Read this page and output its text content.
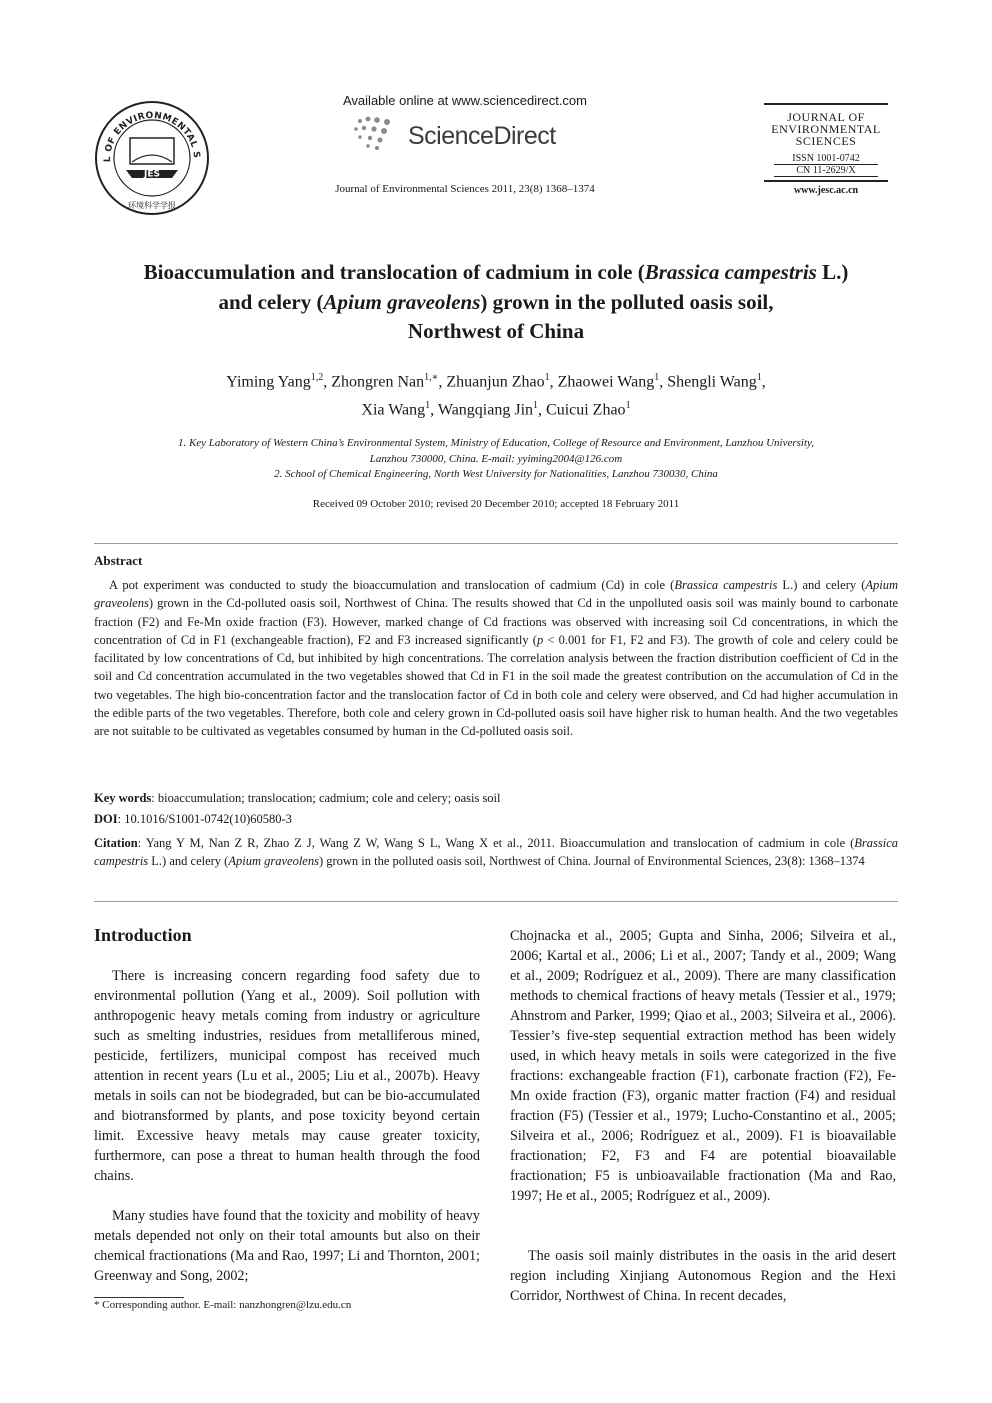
L OF ENVIRONMENTAL S
JES
环境科学学报
Available online at www.sciencedirect.com
ScienceDirect
Journal of Environmental Sciences 2011, 23(8) 1368–1374
JOURNAL OF ENVIRONMENTAL SCIENCES
ISSN 1001-0742
CN 11-2629/X
www.jesc.ac.cn
Bioaccumulation and translocation of cadmium in cole (Brassica campestris L.)
and celery (Apium graveolens) grown in the polluted oasis soil,
Northwest of China
Yiming Yang$^{1,2}$, Zhongren Nan$^{1,∗}$, Zhuanjun Zhao$^1$, Zhaowei Wang$^1$, Shengli Wang$^1$,
Xia Wang$^1$, Wangqiang Jin$^1$, Cuicui Zhao$^1$
1. Key Laboratory of Western China’s Environmental System, Ministry of Education, College of Resource and Environment, Lanzhou University,
Lanzhou 730000, China. E-mail: yyiming2004@126.com
2. School of Chemical Engineering, North West University for Nationalities, Lanzhou 730030, China
Received 09 October 2010; revised 20 December 2010; accepted 18 February 2011
Abstract

A pot experiment was conducted to study the bioaccumulation and translocation of cadmium (Cd) in cole (Brassica campestris L.) and celery (Apium graveolens) grown in the Cd-polluted oasis soil, Northwest of China. The results showed that Cd in the unpolluted oasis soil was mainly bound to carbonate fraction (F2) and Fe-Mn oxide fraction (F3). However, marked change of Cd fractions was observed with increasing soil Cd concentrations, in which the concentration of Cd in F1 (exchangeable fraction), F2 and F3 increased significantly (p < 0.001 for F1, F2 and F3). The growth of cole and celery could be facilitated by low concentrations of Cd, but inhibited by high concentrations. The correlation analysis between the fraction distribution coefficient of Cd in the soil and Cd concentration accumulated in the two vegetables showed that Cd in F1 in the soil made the greatest contribution on the accumulation of Cd in the two vegetables. The high bio-concentration factor and the translocation factor of Cd in both cole and celery were observed, and Cd had higher accumulation in the edible parts of the two vegetables. Therefore, both cole and celery grown in Cd-polluted oasis soil have higher risk to human health. And the two vegetables are not suitable to be cultivated as vegetables consumed by human in the Cd-polluted oasis soil.

Key words: bioaccumulation; translocation; cadmium; cole and celery; oasis soil
DOI: 10.1016/S1001-0742(10)60580-3
Citation: Yang Y M, Nan Z R, Zhao Z J, Wang Z W, Wang S L, Wang X et al., 2011. Bioaccumulation and translocation of cadmium in cole (Brassica campestris L.) and celery (Apium graveolens) grown in the polluted oasis soil, Northwest of China. Journal of Environmental Sciences, 23(8): 1368–1374
Introduction

There is increasing concern regarding food safety due to environmental pollution (Yang et al., 2009). Soil pollution with anthropogenic heavy metals coming from industry or agriculture such as smelting industries, residues from metalliferous mined, pesticide, fertilizers, municipal compost has received much attention in recent years (Lu et al., 2005; Liu et al., 2007b). Heavy metals in soils can not be biodegraded, but can be bio-accumulated and biotransformed by plants, and pose toxicity beyond certain limit. Excessive heavy metals may cause greater toxicity, furthermore, can pose a threat to human health through the food chains.

Many studies have found that the toxicity and mobility of heavy metals depended not only on their total amounts but also on their chemical fractionations (Ma and Rao, 1997; Li and Thornton, 2001; Greenway and Song, 2002;

Chojnacka et al., 2005; Gupta and Sinha, 2006; Silveira et al., 2006; Kartal et al., 2006; Li et al., 2007; Tandy et al., 2009; Wang et al., 2009; Rodríguez et al., 2009). There are many classification methods to chemical fractions of heavy metals (Tessier et al., 1979; Ahnstrom and Parker, 1999; Qiao et al., 2003; Silveira et al., 2006). Tessier’s five-step sequential extraction method has been widely used, in which heavy metals in soils were categorized in the five fractions: exchangeable fraction (F1), carbonate fraction (F2), Fe-Mn oxide fraction (F3), organic matter fraction (F4) and residual fraction (F5) (Tessier et al., 1979; Lucho-Constantino et al., 2005; Silveira et al., 2006; Rodríguez et al., 2009). F1 is bioavailable fractionation; F2, F3 and F4 are potential bioavailable fractionation; F5 is unbioavailable fractionation (Ma and Rao, 1997; He et al., 2005; Rodríguez et al., 2009).

The oasis soil mainly distributes in the oasis in the arid desert region including Xinjiang Autonomous Region and the Hexi Corridor, Northwest of China. In recent decades,

* Corresponding author. E-mail: nanzhongren@lzu.edu.cn
